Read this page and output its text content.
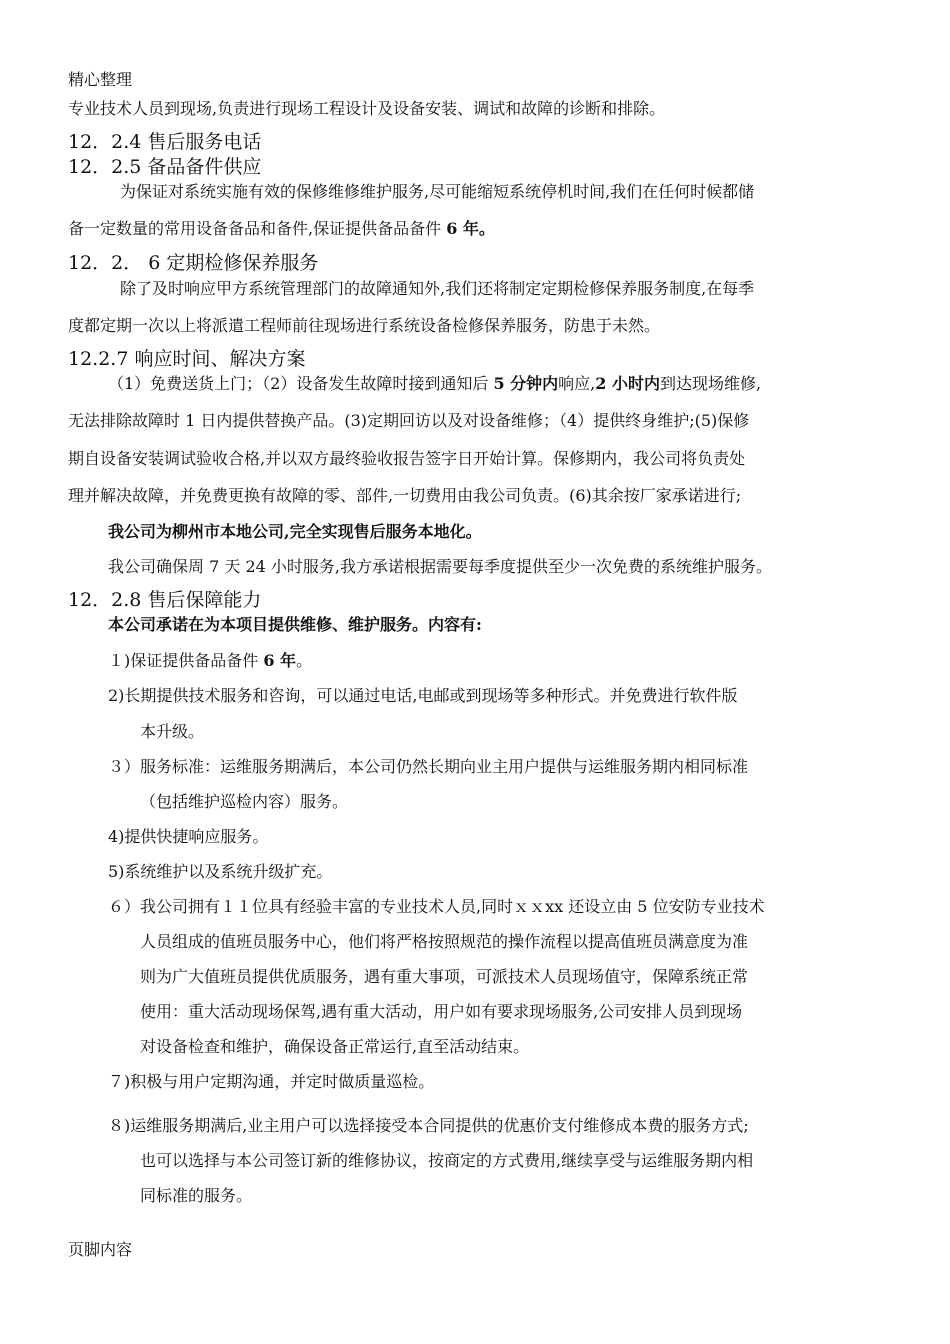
精心整理
专业技术人员到现场,负责进行现场工程设计及设备安装、调试和故障的诊断和排除。
12．2.4 售后服务电话
12．2.5 备品备件供应
为保证对系统实施有效的保修维修维护服务,尽可能缩短系统停机时间,我们在任何时候都储
备一定数量的常用设备备品和备件,保证提供备品备件 6 年。
12．2． 6 定期检修保养服务
除了及时响应甲方系统管理部门的故障通知外,我们还将制定定期检修保养服务制度,在每季
度都定期一次以上将派遣工程师前往现场进行系统设备检修保养服务，防患于未然。
12.2.7 响应时间、解决方案
（1）免费送货上门；（2）设备发生故障时接到通知后 5 分钟内响应,2 小时内到达现场维修,
无法排除故障时 1 日内提供替换产品。(3)定期回访以及对设备维修；（4）提供终身维护;(5)保修
期自设备安装调试验收合格,并以双方最终验收报告签字日开始计算。保修期内，我公司将负责处
理并解决故障，并免费更换有故障的零、部件,一切费用由我公司负责。(6)其余按厂家承诺进行;
我公司为柳州市本地公司,完全实现售后服务本地化。
我公司确保周 7 天 24 小时服务,我方承诺根据需要每季度提供至少一次免费的系统维护服务。
12．2.8 售后保障能力
本公司承诺在为本项目提供维修、维护服务。内容有:
１)保证提供备品备件 6 年。
2)长期提供技术服务和咨询，可以通过电话,电邮或到现场等多种形式。并免费进行软件版
本升级。
３）服务标准：运维服务期满后，本公司仍然长期向业主用户提供与运维服务期内相同标准
（包括维护巡检内容）服务。
4)提供快捷响应服务。
5)系统维护以及系统升级扩充。
６）我公司拥有１１位具有经验丰富的专业技术人员,同时ｘｘxx 还设立由 5 位安防专业技术
人员组成的值班员服务中心，他们将严格按照规范的操作流程以提高值班员满意度为准
则为广大值班员提供优质服务，遇有重大事项，可派技术人员现场值守，保障系统正常
使用：重大活动现场保驾,遇有重大活动，用户如有要求现场服务,公司安排人员到现场
对设备检查和维护，确保设备正常运行,直至活动结束。
７)积极与用户定期沟通，并定时做质量巡检。
８)运维服务期满后,业主用户可以选择接受本合同提供的优惠价支付维修成本费的服务方式;
也可以选择与本公司签订新的维修协议，按商定的方式费用,继续享受与运维服务期内相
同标准的服务。
页脚内容
